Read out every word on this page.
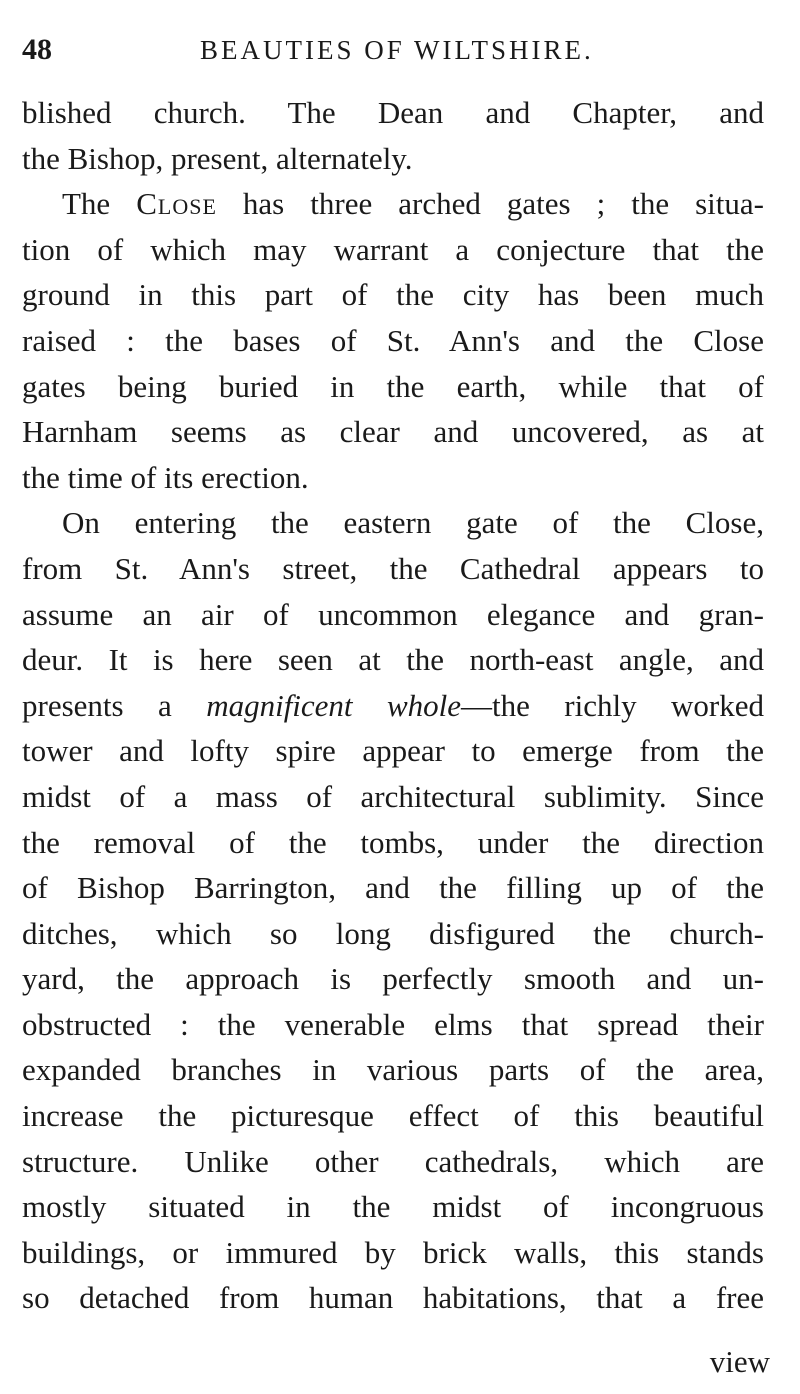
48	BEAUTIES OF WILTSHIRE.
blished church. The Dean and Chapter, and
the Bishop, present, alternately.
The Close has three arched gates ; the situa-
tion of which may warrant a conjecture that the
ground in this part of the city has been much
raised : the bases of St. Ann's and the Close
gates being buried in the earth, while that of
Harnham seems as clear and uncovered, as at
the time of its erection.
On entering the eastern gate of the Close,
from St. Ann's street, the Cathedral appears to
assume an air of uncommon elegance and gran-
deur. It is here seen at the north-east angle, and
presents a magnificent whole—the richly worked
tower and lofty spire appear to emerge from the
midst of a mass of architectural sublimity. Since
the removal of the tombs, under the direction
of Bishop Barrington, and the filling up of the
ditches, which so long disfigured the church-
yard, the approach is perfectly smooth and un-
obstructed : the venerable elms that spread their
expanded branches in various parts of the area,
increase the picturesque effect of this beautiful
structure. Unlike other cathedrals, which are
mostly situated in the midst of incongruous
buildings, or immured by brick walls, this stands
so detached from human habitations, that a free
view
